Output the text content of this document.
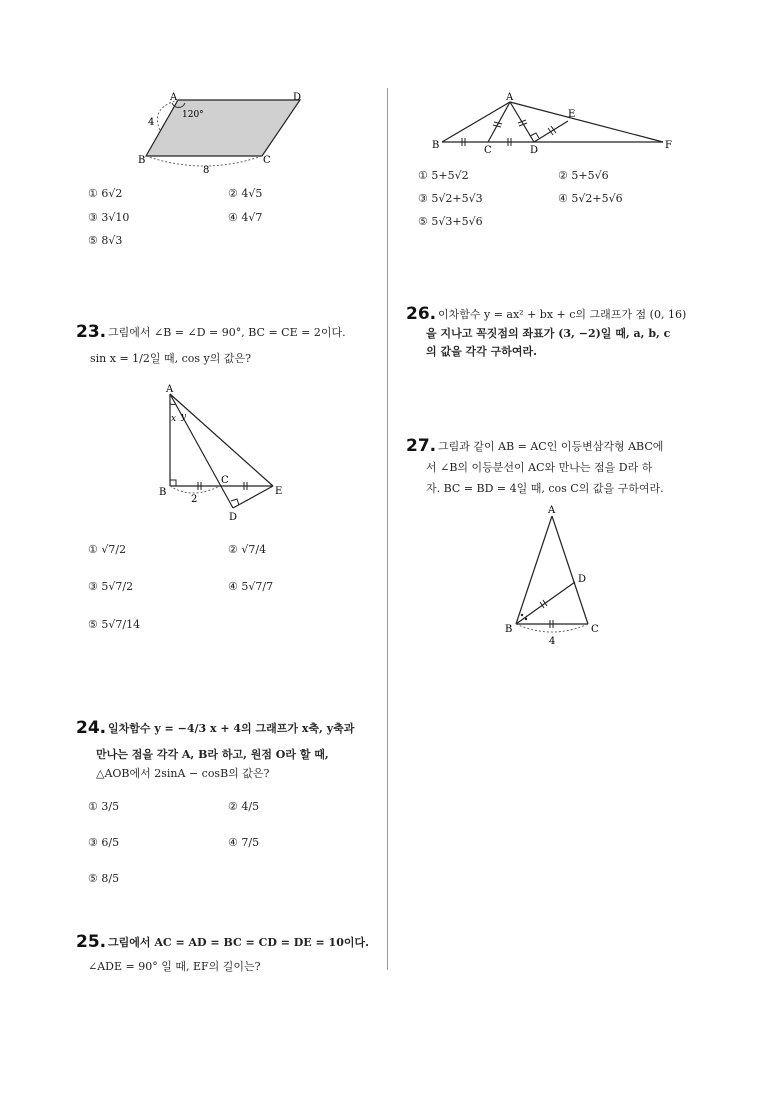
A	D
B	C
120°
4
8
① 6√2	② 4√5
③ 3√10	④ 4√7
⑤ 8√3
23. 그림에서 ∠B = ∠D = 90°, BC = CE = 2이다.
sin x = 1/2일 때, cos y의 값은?
A
B
C
D
E
x y
2
① √7/2	② √7/4
③ 5√7/2	④ 5√7/7
⑤ 5√7/14
24. 일차함수 y = −4/3 x + 4의 그래프가 x축, y축과
만나는 점을 각각 A, B라 하고, 원점 O라 할 때,
△AOB에서 2sinA − cosB의 값은?
① 3/5	② 4/5
③ 6/5	④ 7/5
⑤ 8/5
25. 그림에서 AC = AD = BC = CD = DE = 10이다.
∠ADE = 90° 일 때, EF의 길이는?
A
B	C	D
E
F
① 5+5√2	② 5+5√6
③ 5√2+5√3	④ 5√2+5√6
⑤ 5√3+5√6
26. 이차함수 y = ax² + bx + c의 그래프가 점 (0, 16)
을 지나고 꼭짓점의 좌표가 (3, −2)일 때, a, b, c
의 값을 각각 구하여라.
27. 그림과 같이 AB = AC인 이등변삼각형 ABC에
서 ∠B의 이등분선이 AC와 만나는 점을 D라 하
자. BC = BD = 4일 때, cos C의 값을 구하여라.
A
B	C
D
4
